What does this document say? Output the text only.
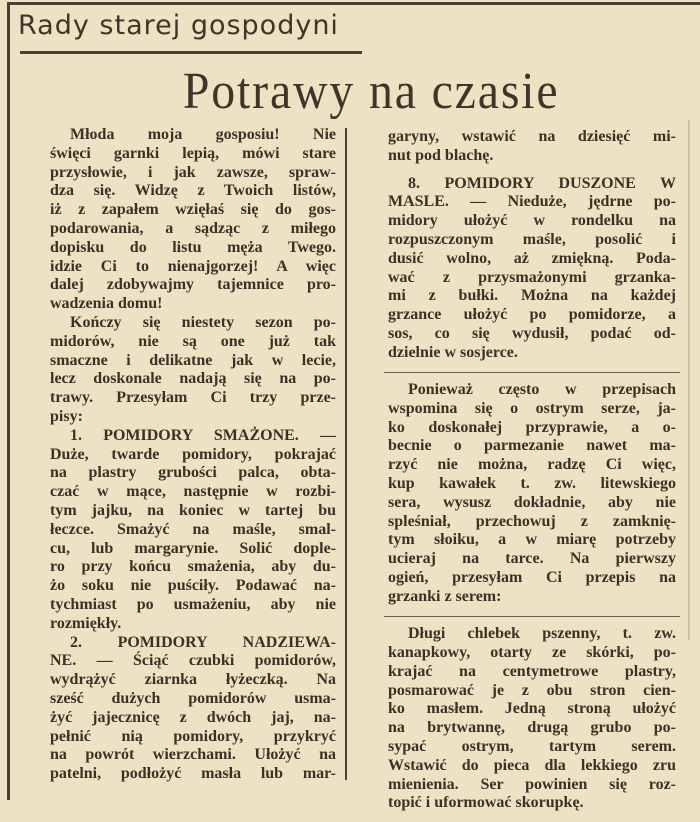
Rady starej gospodyni
Potrawy na czasie
Młoda moja gosposiu! Nie
święci garnki lepią, mówi stare
przysłowie, i jak zawsze, spraw-
dza się. Widzę z Twoich listów,
iż z zapałem wzięłaś się do gos-
podarowania, a sądząc z miłego
dopisku do listu męża Twego.
idzie Ci to nienajgorzej! A więc
dalej zdobywajmy tajemnice pro-
wadzenia domu!
Kończy się niestety sezon po-
midorów, nie są one już tak
smaczne i delikatne jak w lecie,
lecz doskonale nadają się na po-
trawy. Przesyłam Ci trzy prze-
pisy:
1. POMIDORY SMAŻONE. —
Duże, twarde pomidory, pokrajać
na plastry grubości palca, obta-
czać w mące, następnie w rozbi-
tym jajku, na koniec w tartej bu
łeczce. Smażyć na maśle, smal-
cu, lub margarynie. Solić dople-
ro przy końcu smażenia, aby du-
żo soku nie puściły. Podawać na-
tychmiast po usmażeniu, aby nie
rozmiękły.
2. POMIDORY NADZIEWA-
NE. — Ściąć czubki pomidorów,
wydrążyć ziarnka łyżeczką. Na
sześć dużych pomidorów usma-
żyć jajecznicę z dwóch jaj, na-
pełnić nią pomidory, przykryć
na powrót wierzchami. Ułożyć na
patelni, podłożyć masła lub mar-
garyny, wstawić na dziesięć mi-
nut pod blachę.
8. POMIDORY DUSZONE W
MASLE. — Nieduże, jędrne po-
midory ułożyć w rondelku na
rozpuszczonym maśle, posolić i
dusić wolno, aż zmiękną. Poda-
wać z przysmażonymi grzanka-
mi z bułki. Można na każdej
grzance ułożyć po pomidorze, a
sos, co się wydusił, podać od-
dzielnie w sosjerce.
Ponieważ często w przepisach
wspomina się o ostrym serze, ja-
ko doskonałej przyprawie, a o-
becnie o parmezanie nawet ma-
rzyć nie można, radzę Ci więc,
kup kawałek t. zw. litewskiego
sera, wysusz dokładnie, aby nie
spleśniał, przechowuj z zamknię-
tym słoiku, a w miarę potrzeby
ucieraj na tarce. Na pierwszy
ogień, przesyłam Ci przepis na
grzanki z serem:
Długi chlebek pszenny, t. zw.
kanapkowy, otarty ze skórki, po-
krajać na centymetrowe plastry,
posmarować je z obu stron cien-
ko masłem. Jedną stroną ułożyć
na brytwannę, drugą grubo po-
sypać ostrym, tartym serem.
Wstawić do pieca dla lekkiego zru
mienienia. Ser powinien się roz-
topić i uformować skorupkę.
